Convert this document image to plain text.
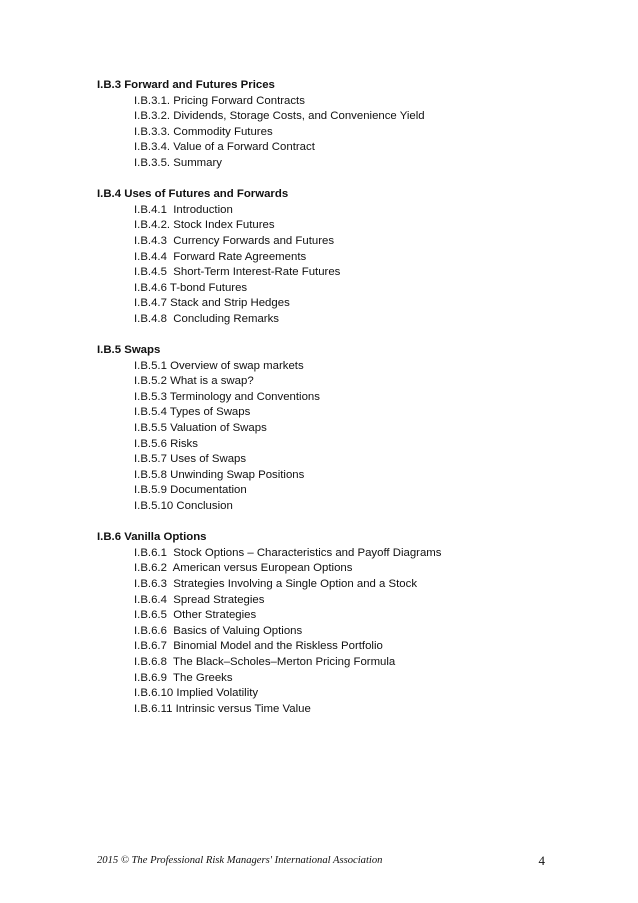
I.B.3 Forward and Futures Prices
I.B.3.1. Pricing Forward Contracts
I.B.3.2. Dividends, Storage Costs, and Convenience Yield
I.B.3.3. Commodity Futures
I.B.3.4. Value of a Forward Contract
I.B.3.5. Summary
I.B.4 Uses of Futures and Forwards
I.B.4.1  Introduction
I.B.4.2. Stock Index Futures
I.B.4.3  Currency Forwards and Futures
I.B.4.4  Forward Rate Agreements
I.B.4.5  Short-Term Interest-Rate Futures
I.B.4.6 T-bond Futures
I.B.4.7 Stack and Strip Hedges
I.B.4.8  Concluding Remarks
I.B.5 Swaps
I.B.5.1 Overview of swap markets
I.B.5.2 What is a swap?
I.B.5.3 Terminology and Conventions
I.B.5.4 Types of Swaps
I.B.5.5 Valuation of Swaps
I.B.5.6 Risks
I.B.5.7 Uses of Swaps
I.B.5.8 Unwinding Swap Positions
I.B.5.9 Documentation
I.B.5.10 Conclusion
I.B.6 Vanilla Options
I.B.6.1  Stock Options – Characteristics and Payoff Diagrams
I.B.6.2  American versus European Options
I.B.6.3  Strategies Involving a Single Option and a Stock
I.B.6.4  Spread Strategies
I.B.6.5  Other Strategies
I.B.6.6  Basics of Valuing Options
I.B.6.7  Binomial Model and the Riskless Portfolio
I.B.6.8  The Black–Scholes–Merton Pricing Formula
I.B.6.9  The Greeks
I.B.6.10 Implied Volatility
I.B.6.11 Intrinsic versus Time Value
2015 © The Professional Risk Managers' International Association	4
